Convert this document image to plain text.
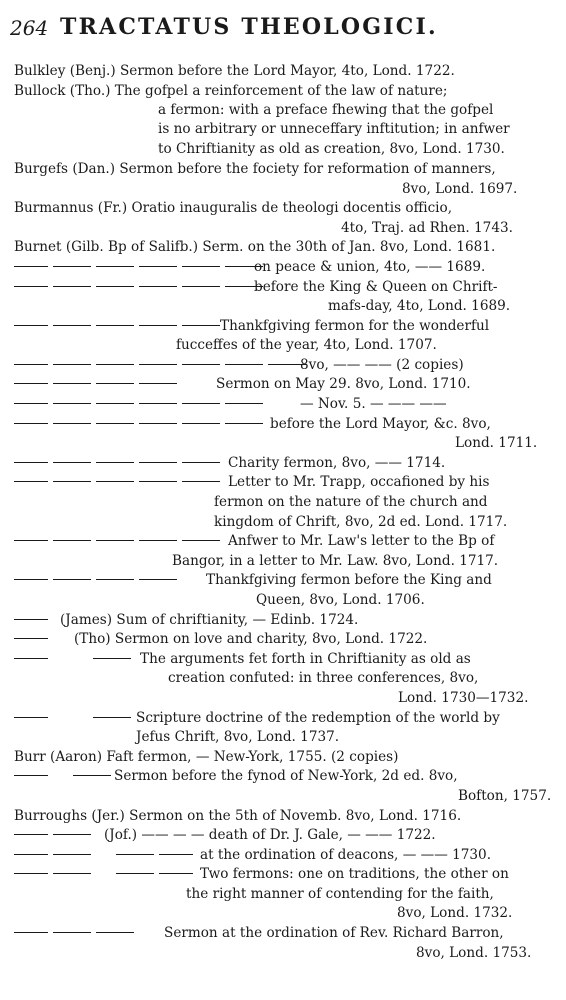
264 TRACTATUS THEOLOGICI.
Bulkley (Benj.) Sermon before the Lord Mayor, 4to, Lond. 1722.
Bullock (Tho.) The gofpel a reinforcement of the law of nature;
a fermon: with a preface fhewing that the gofpel
is no arbitrary or unneceffary inftitution; in anfwer
to Chriftianity as old as creation, 8vo, Lond. 1730.
Burgefs (Dan.) Sermon before the fociety for reformation of manners,
8vo, Lond. 1697.
Burmannus (Fr.) Oratio inauguralis de theologi docentis officio,
4to, Traj. ad Rhen. 1743.
Burnet (Gilb. Bp of Salifb.) Serm. on the 30th of Jan. 8vo, Lond. 1681.
on peace & union, 4to, —— 1689.
before the King & Queen on Chrift-
mafs-day, 4to, Lond. 1689.
Thankfgiving fermon for the wonderful
fucceffes of the year, 4to, Lond. 1707.
8vo, —— —— (2 copies)
Sermon on May 29. 8vo, Lond. 1710.
— Nov. 5. — —— ——
before the Lord Mayor, &c. 8vo,
Lond. 1711.
Charity fermon, 8vo, —— 1714.
Letter to Mr. Trapp, occafioned by his
fermon on the nature of the church and
kingdom of Chrift, 8vo, 2d ed. Lond. 1717.
Anfwer to Mr. Law's letter to the Bp of
Bangor, in a letter to Mr. Law. 8vo, Lond. 1717.
Thankfgiving fermon before the King and
Queen, 8vo, Lond. 1706.
(James) Sum of chriftianity, — Edinb. 1724.
(Tho) Sermon on love and charity, 8vo, Lond. 1722.
The arguments fet forth in Chriftianity as old as
creation confuted: in three conferences, 8vo,
Lond. 1730—1732.
Scripture doctrine of the redemption of the world by
Jefus Chrift, 8vo, Lond. 1737.
Burr (Aaron) Faft fermon, — New-York, 1755. (2 copies)
Sermon before the fynod of New-York, 2d ed. 8vo,
Bofton, 1757.
Burroughs (Jer.) Sermon on the 5th of Novemb. 8vo, Lond. 1716.
(Jof.) —— — — death of Dr. J. Gale, — —— 1722.
at the ordination of deacons, — —— 1730.
Two fermons: one on traditions, the other on
the right manner of contending for the faith,
8vo, Lond. 1732.
Sermon at the ordination of Rev. Richard Barron,
8vo, Lond. 1753.
